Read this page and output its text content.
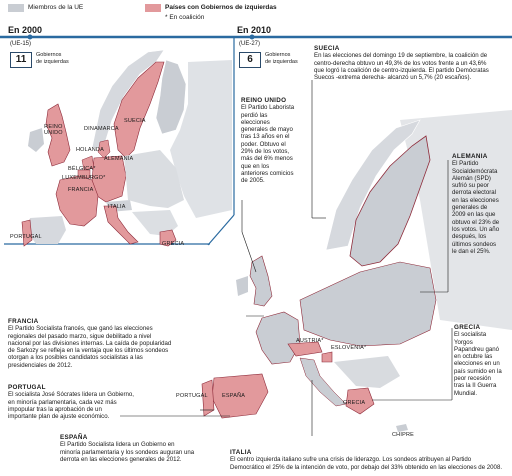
Miembros de la UE	Países con Gobiernos de izquierdas
* En coalición
En 2000
(UE-15)
11	Gobiernos
de izquierdas
SUECIA
REINO
UNIDO
DINAMARCA
HOLANDA
ALEMANIA
BÉLGICA*
LUXEMBURGO*
FRANCIA
ITALIA
PORTUGAL
GRECIA
En 2010
(UE-27)
6	Gobiernos
de izquierdas
AUSTRIA*
ESLOVENIA*
PORTUGAL	ESPAÑA
GRECIA
CHIPRE
SUECIA
En las elecciones del domingo 19 de septiembre, la coalición de
centro-derecha obtuvo un 49,3% de los votos frente a un 43,6%
que logró la coalición de centro-izquierda. El partido Demócratas
Suecos -extrema derecha- alcanzó un 5,7% (20 escaños).
REINO UNIDO
El Partido Laborista
perdió las
elecciones
generales de mayo
tras 13 años en el
poder. Obtuvo el
29% de los votos,
más del 6% menos
que en los
anteriores comicios
de 2005.
ALEMANIA
El Partido
Socialdemócrata
Alemán (SPD)
sufrió su peor
derrota electoral
en las elecciones
generales de
2009 en las que
obtuvo el 23% de
los votos. Un año
después, los
últimos sondeos
le dan el 25%.
FRANCIA
El Partido Socialista francés, que ganó las elecciones
regionales del pasado marzo, sigue debilitado a nivel
nacional por las divisiones internas. La caída de popularidad
de Sarkozy se refleja en la ventaja que los últimos sondeos
otorgan a los posibles candidatos socialistas a las
presidenciales de 2012.
PORTUGAL
El socialista José Sócrates lidera un Gobierno,
en minoría parlamentaria, cada vez más
impopular tras la aprobación de un
importante plan de ajuste económico.
ESPAÑA
El Partido Socialista lidera un Gobierno en
minoría parlamentaria y los sondeos auguran una
derrota en las elecciones generales de 2012.
GRECIA
El socialista
Yorgos
Papandreu ganó
en octubre las
elecciones en un
país sumido en la
peor recesión
tras la II Guerra
Mundial.
ITALIA
El centro izquierda italiano sufre una crisis de liderazgo. Los sondeos atribuyen al Partido
Democrático el 25% de la intención de voto, por debajo del 33% obtenido en las elecciones de 2008.
